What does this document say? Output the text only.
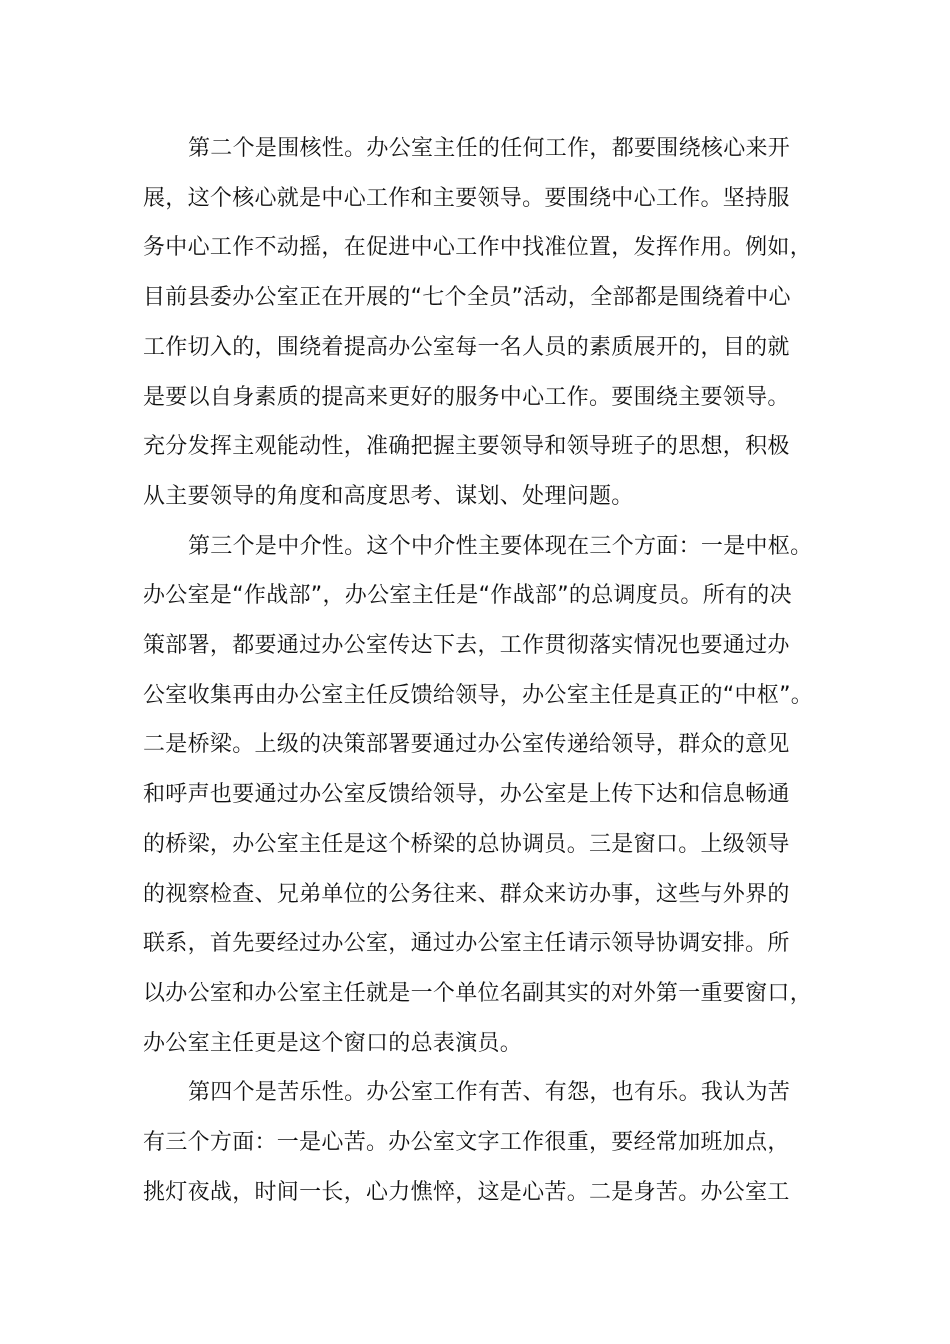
第二个是围核性。办公室主任的任何工作，都要围绕核心来开
展，这个核心就是中心工作和主要领导。要围绕中心工作。坚持服
务中心工作不动摇，在促进中心工作中找准位置，发挥作用。例如，
目前县委办公室正在开展的“七个全员”活动，全部都是围绕着中心
工作切入的，围绕着提高办公室每一名人员的素质展开的，目的就
是要以自身素质的提高来更好的服务中心工作。要围绕主要领导。
充分发挥主观能动性，准确把握主要领导和领导班子的思想，积极
从主要领导的角度和高度思考、谋划、处理问题。
第三个是中介性。这个中介性主要体现在三个方面：一是中枢。
办公室是“作战部”，办公室主任是“作战部”的总调度员。所有的决
策部署，都要通过办公室传达下去，工作贯彻落实情况也要通过办
公室收集再由办公室主任反馈给领导，办公室主任是真正的“中枢”。
二是桥梁。上级的决策部署要通过办公室传递给领导，群众的意见
和呼声也要通过办公室反馈给领导，办公室是上传下达和信息畅通
的桥梁，办公室主任是这个桥梁的总协调员。三是窗口。上级领导
的视察检查、兄弟单位的公务往来、群众来访办事，这些与外界的
联系，首先要经过办公室，通过办公室主任请示领导协调安排。所
以办公室和办公室主任就是一个单位名副其实的对外第一重要窗口，
办公室主任更是这个窗口的总表演员。
第四个是苦乐性。办公室工作有苦、有怨，也有乐。我认为苦
有三个方面：一是心苦。办公室文字工作很重，要经常加班加点，
挑灯夜战，时间一长，心力憔悴，这是心苦。二是身苦。办公室工
